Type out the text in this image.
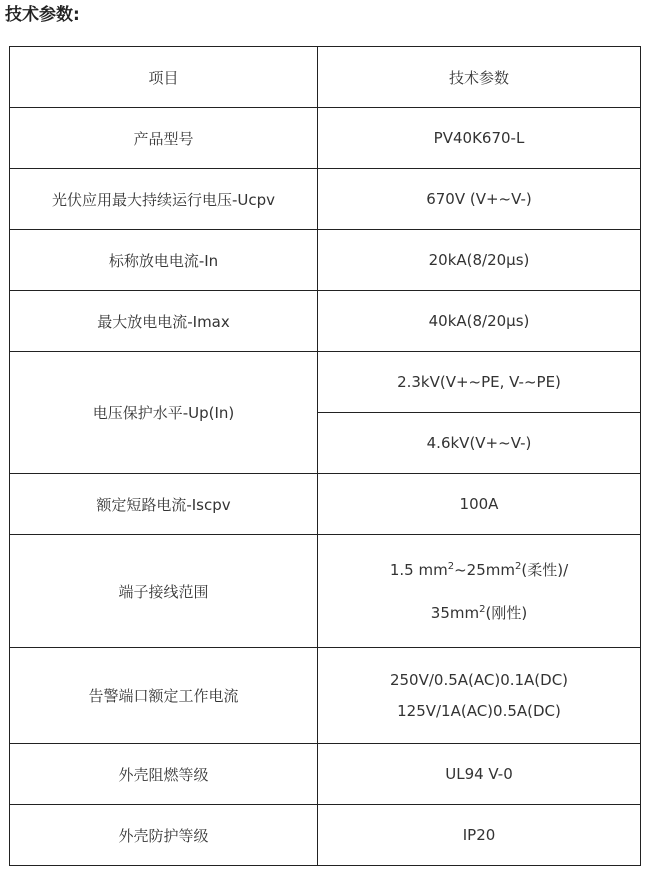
技术参数:
项目	技术参数
产品型号	PV40K670-L
光伏应用最大持续运行电压-Ucpv	670V (V+~V-)
标称放电电流-In	20kA(8/20μs)
最大放电电流-Imax	40kA(8/20μs)
电压保护水平-Up(In)	2.3kV(V+~PE, V-~PE)
	4.6kV(V+~V-)
额定短路电流-Iscpv	100A
端子接线范围	1.5 $mm^2\sim 25mm^2$(柔性)/
$35mm^2$(刚性)

告警端口额定工作电流	250V/0.5A(AC)0.1A(DC)
125V/1A(AC)0.5A(DC)

外壳阻燃等级	UL94 V-0
外壳防护等级	IP20
